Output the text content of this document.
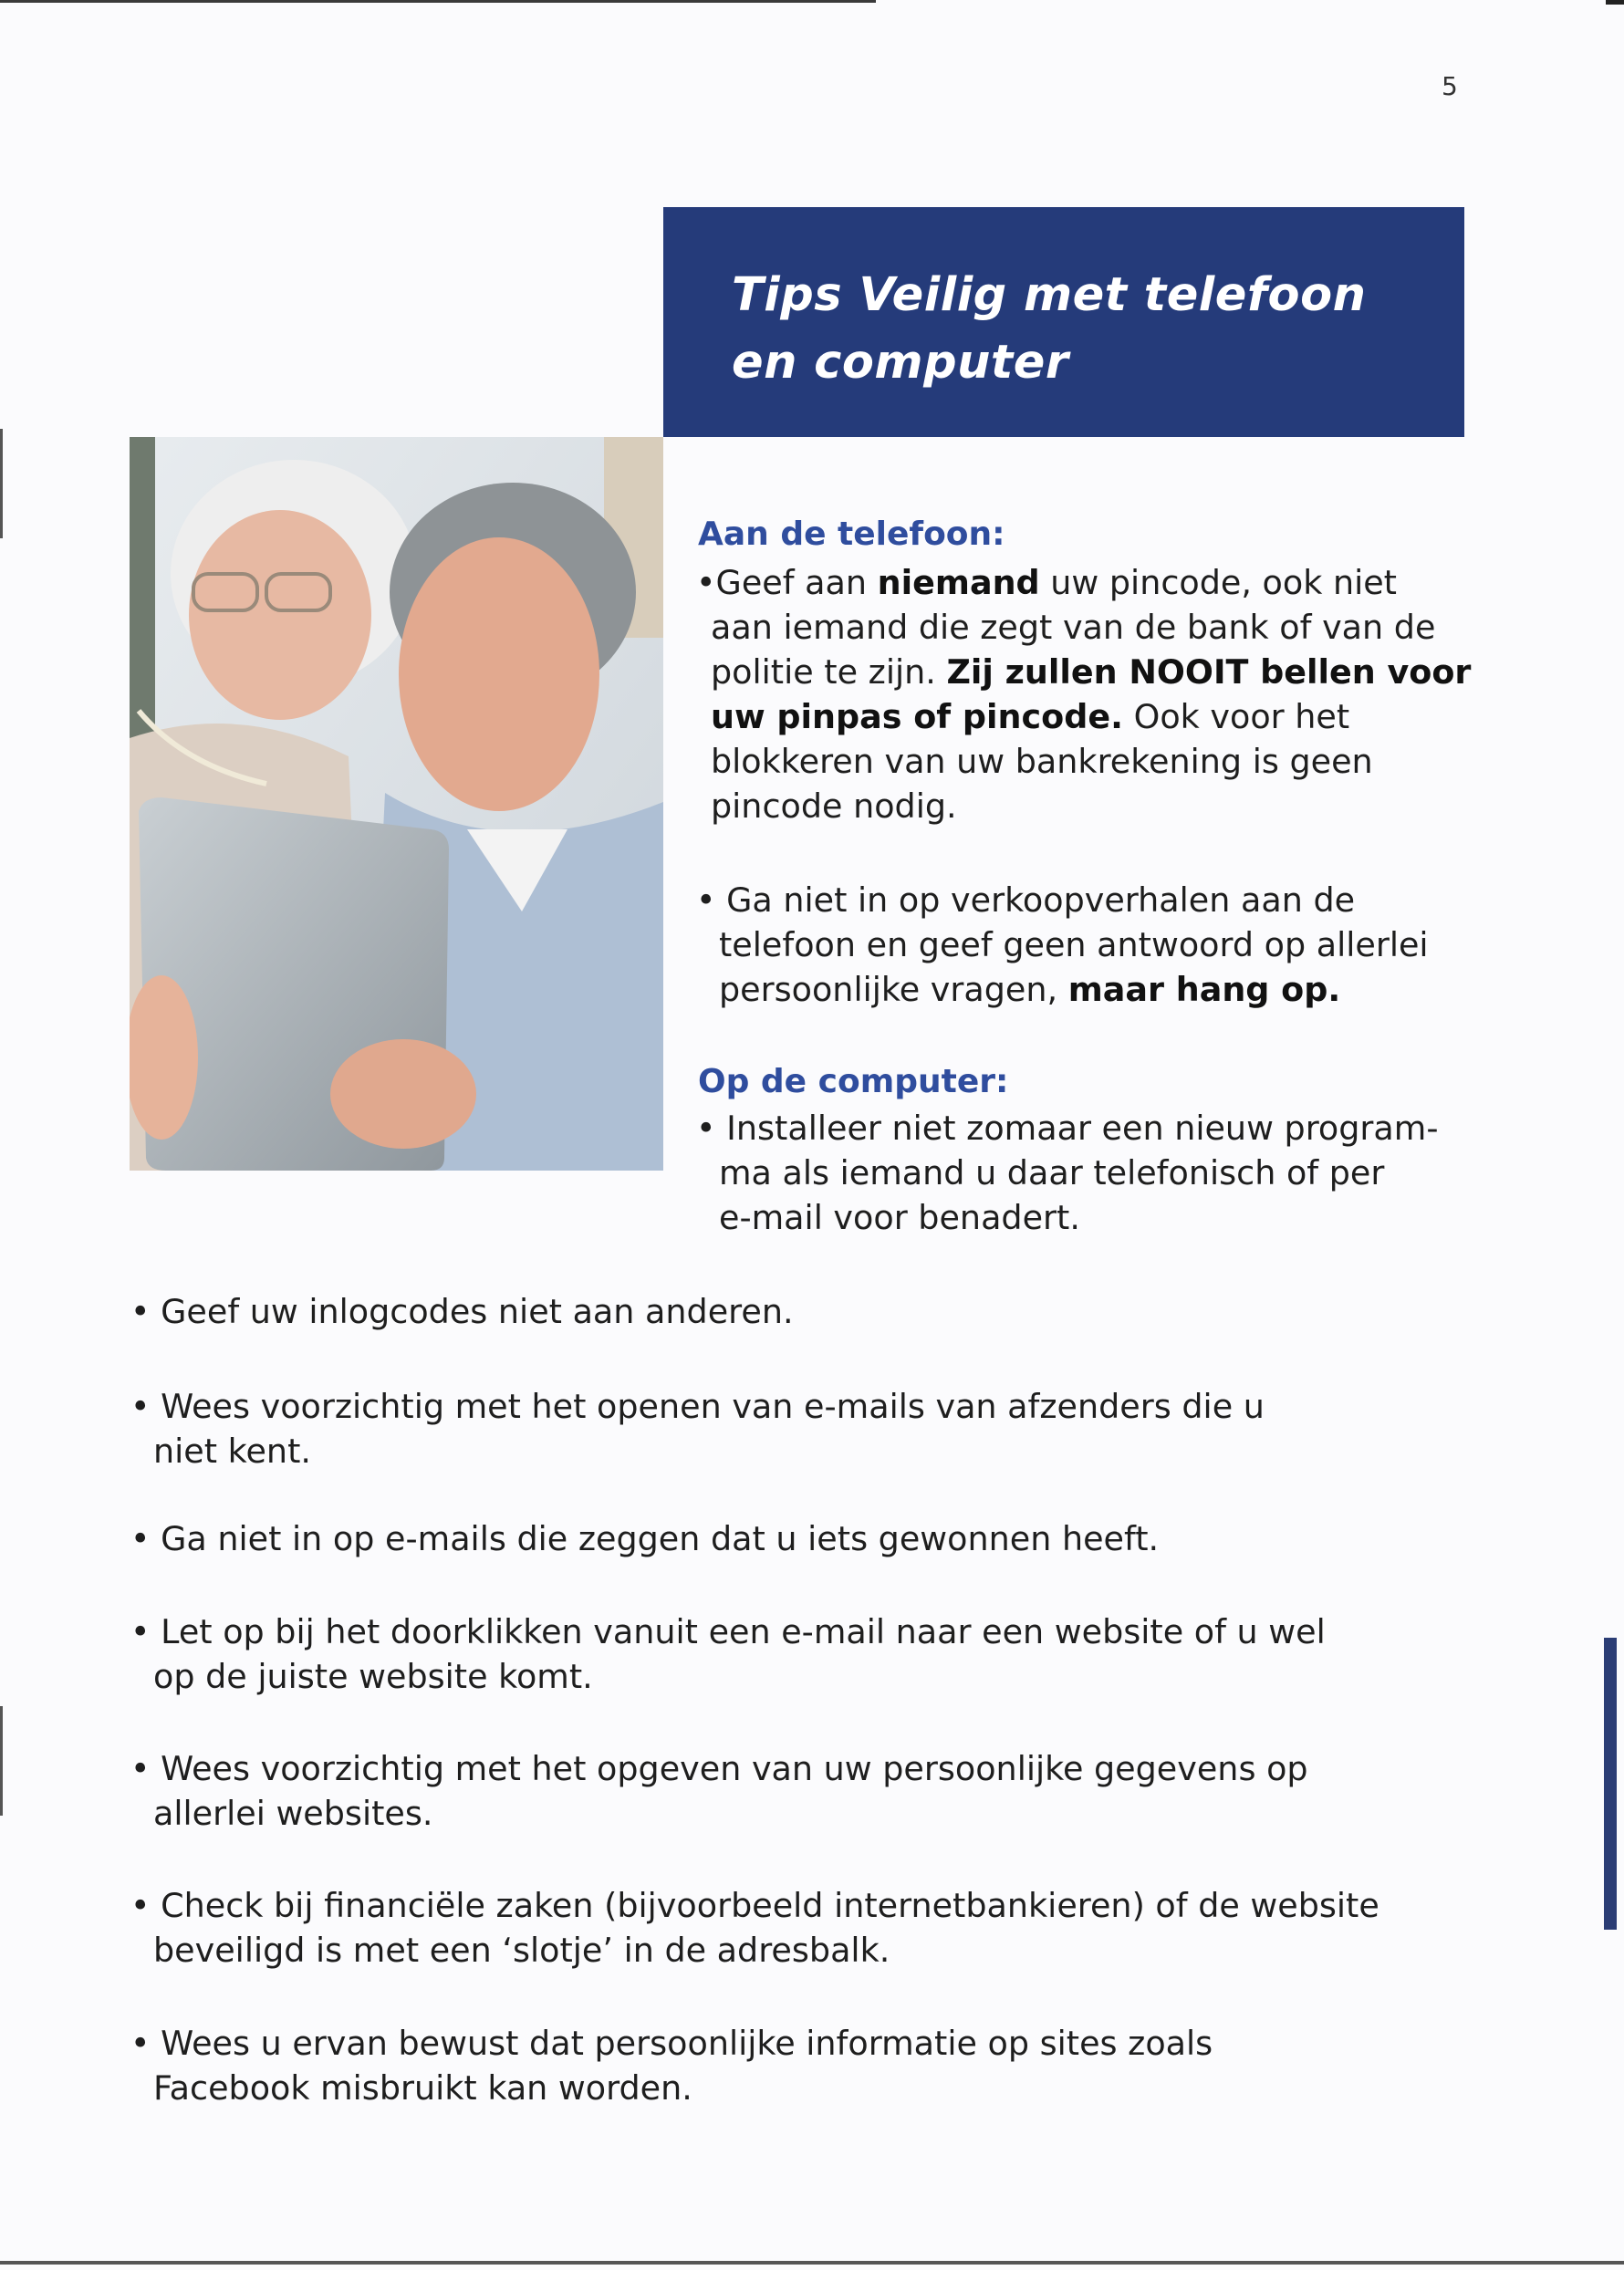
5
Tips Veilig met telefoon
en computer
Aan de telefoon:
•Geef aan niemand uw pincode, ook niet
aan iemand die zegt van de bank of van de
politie te zijn. Zij zullen NOOIT bellen voor
uw pinpas of pincode. Ook voor het
blokkeren van uw bankrekening is geen
pincode nodig.
• Ga niet in op verkoopverhalen aan de
telefoon en geef geen antwoord op allerlei
persoonlijke vragen, maar hang op.
Op de computer:
• Installeer niet zomaar een nieuw program-
ma als iemand u daar telefonisch of per
e-mail voor benadert.
• Geef uw inlogcodes niet aan anderen.
• Wees voorzichtig met het openen van e-mails van afzenders die u
niet kent.
• Ga niet in op e-mails die zeggen dat u iets gewonnen heeft.
• Let op bij het doorklikken vanuit een e-mail naar een website of u wel
op de juiste website komt.
• Wees voorzichtig met het opgeven van uw persoonlijke gegevens op
allerlei websites.
• Check bij financiële zaken (bijvoorbeeld internetbankieren) of de website
beveiligd is met een ‘slotje’ in de adresbalk.
• Wees u ervan bewust dat persoonlijke informatie op sites zoals
Facebook misbruikt kan worden.
